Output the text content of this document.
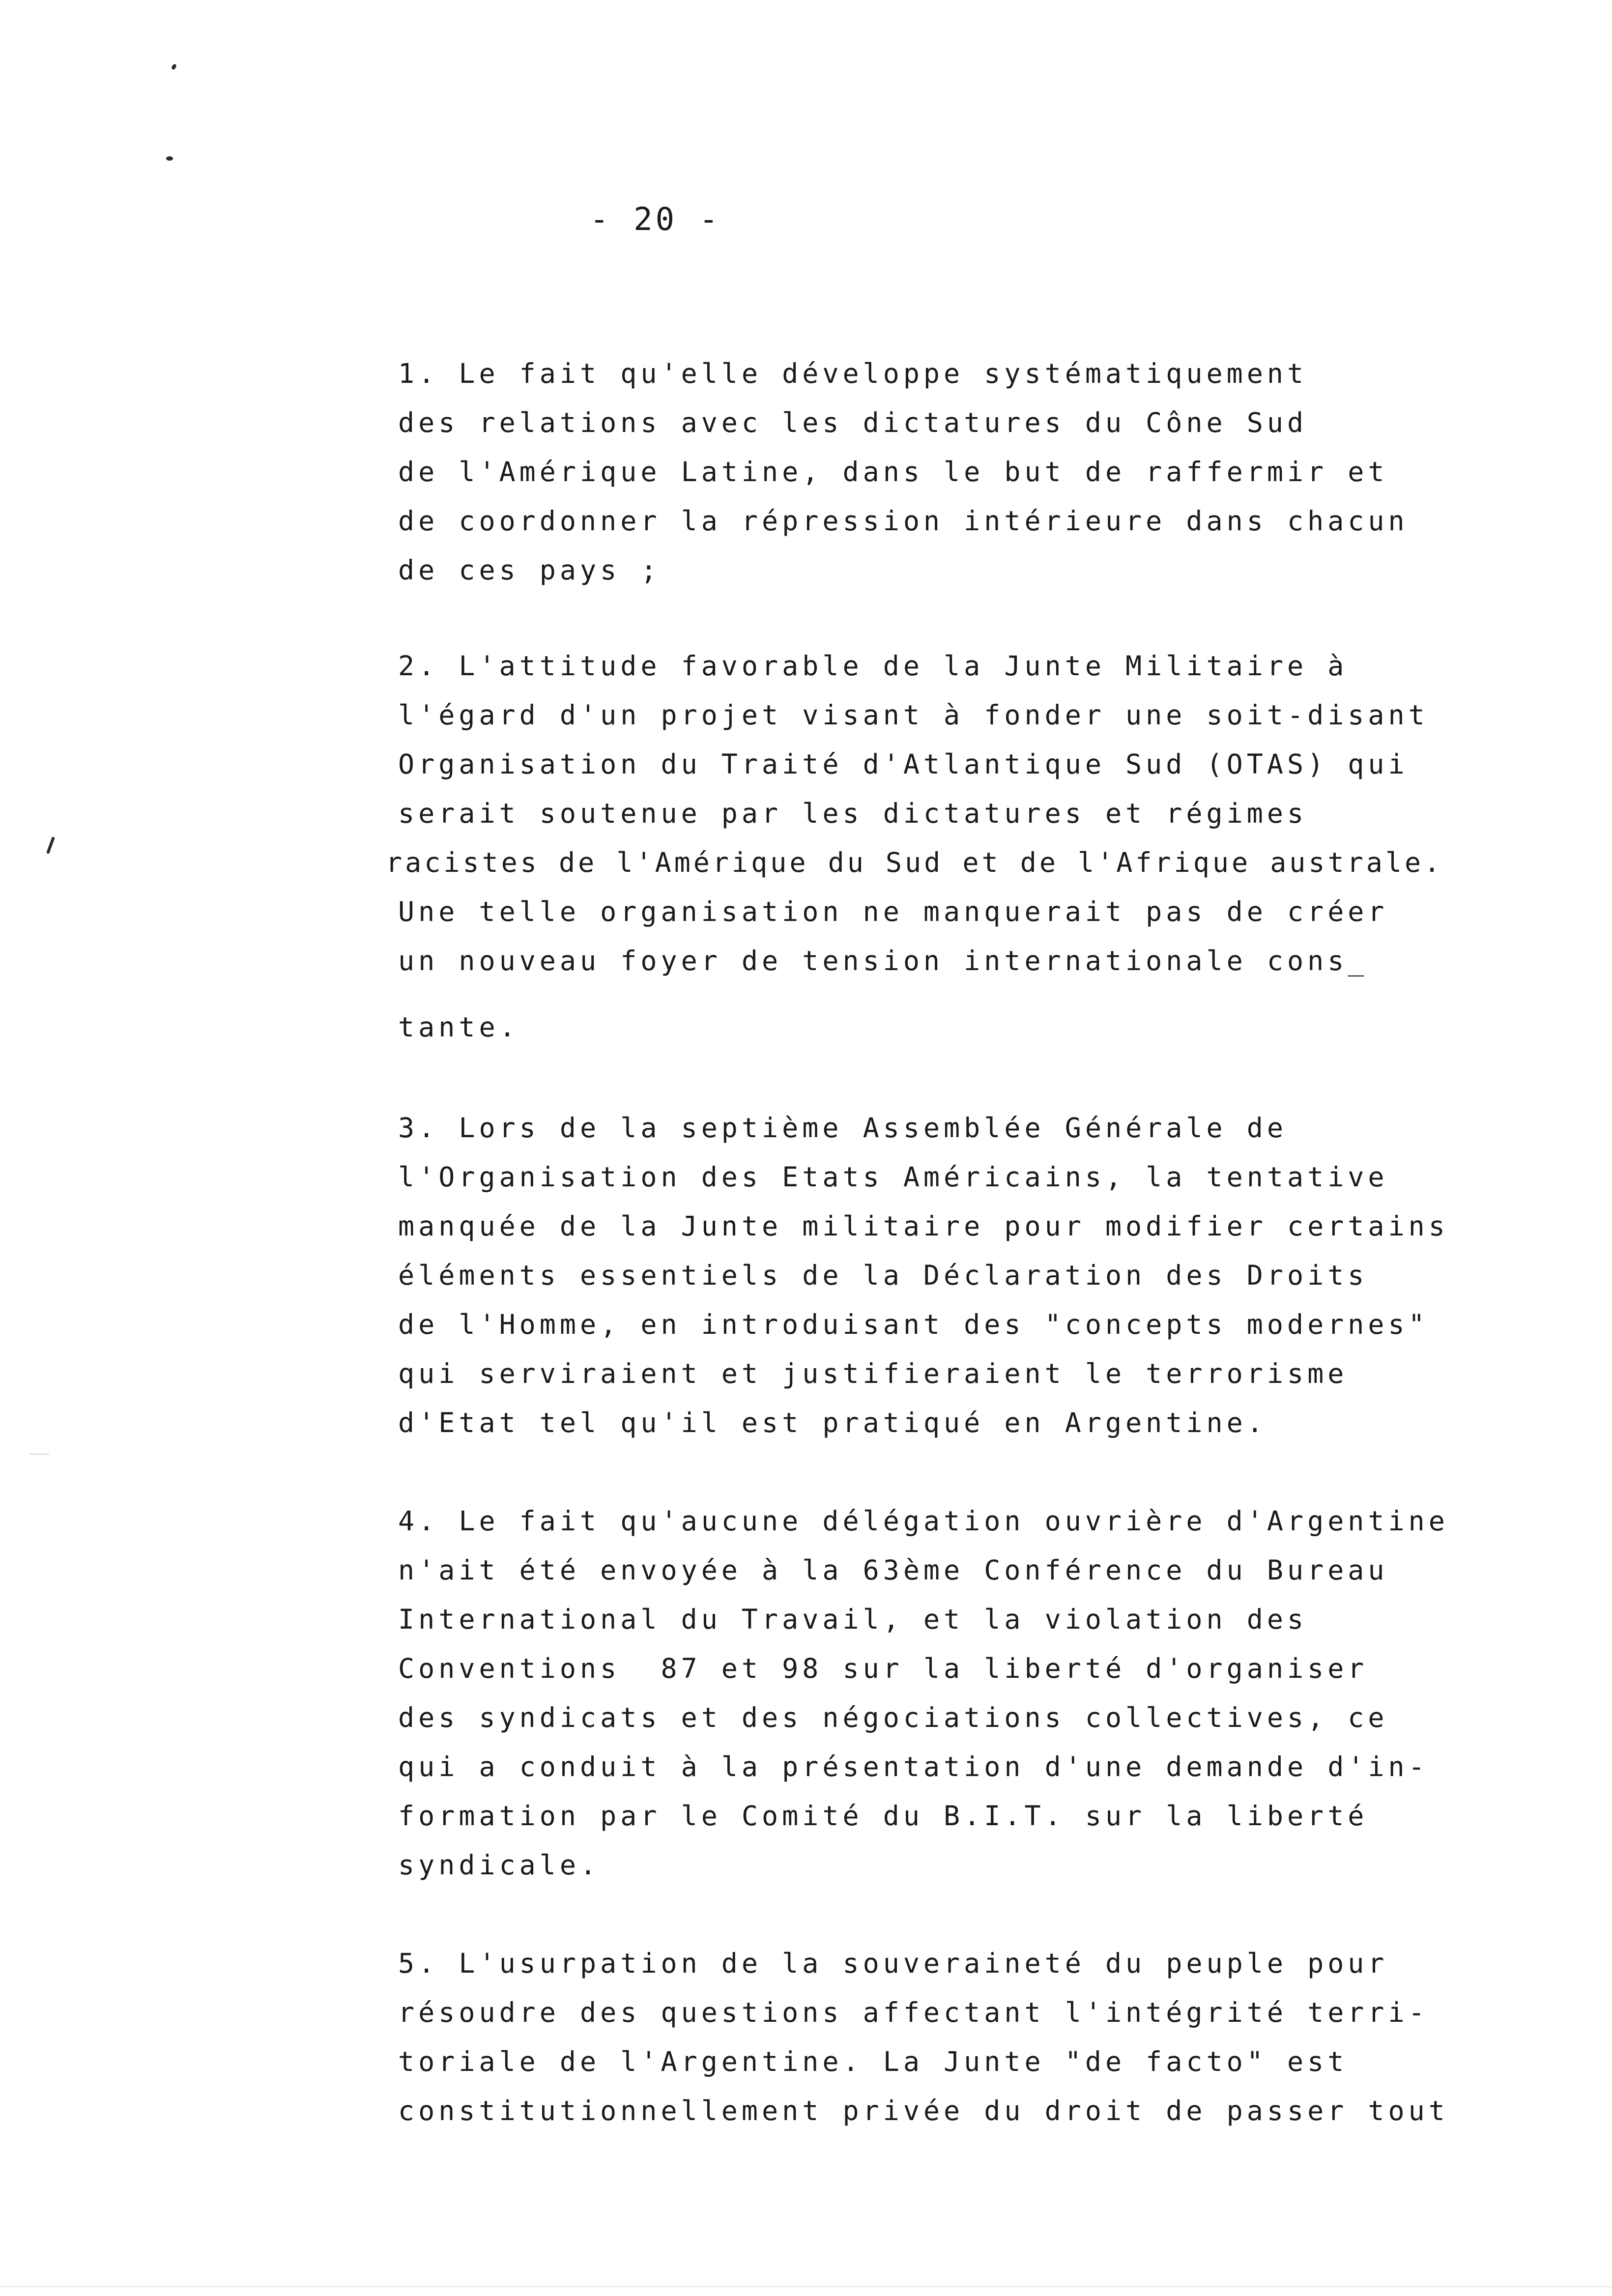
- 20 -
1. Le fait qu'elle développe systématiquement
des relations avec les dictatures du Cône Sud
de l'Amérique Latine, dans le but de raffermir et
de coordonner la répression intérieure dans chacun
de ces pays ;
2. L'attitude favorable de la Junte Militaire à
l'égard d'un projet visant à fonder une soit-disant
Organisation du Traité d'Atlantique Sud (OTAS) qui
serait soutenue par les dictatures et régimes
racistes de l'Amérique du Sud et de l'Afrique australe.
Une telle organisation ne manquerait pas de créer
un nouveau foyer de tension internationale cons_
tante.
3. Lors de la septième Assemblée Générale de
l'Organisation des Etats Américains, la tentative
manquée de la Junte militaire pour modifier certains
éléments essentiels de la Déclaration des Droits
de l'Homme, en introduisant des "concepts modernes"
qui serviraient et justifieraient le terrorisme
d'Etat tel qu'il est pratiqué en Argentine.
4. Le fait qu'aucune délégation ouvrière d'Argentine
n'ait été envoyée à la 63ème Conférence du Bureau
International du Travail, et la violation des
Conventions  87 et 98 sur la liberté d'organiser
des syndicats et des négociations collectives, ce
qui a conduit à la présentation d'une demande d'in-
formation par le Comité du B.I.T. sur la liberté
syndicale.
5. L'usurpation de la souveraineté du peuple pour
résoudre des questions affectant l'intégrité terri-
toriale de l'Argentine. La Junte "de facto" est
constitutionnellement privée du droit de passer tout
